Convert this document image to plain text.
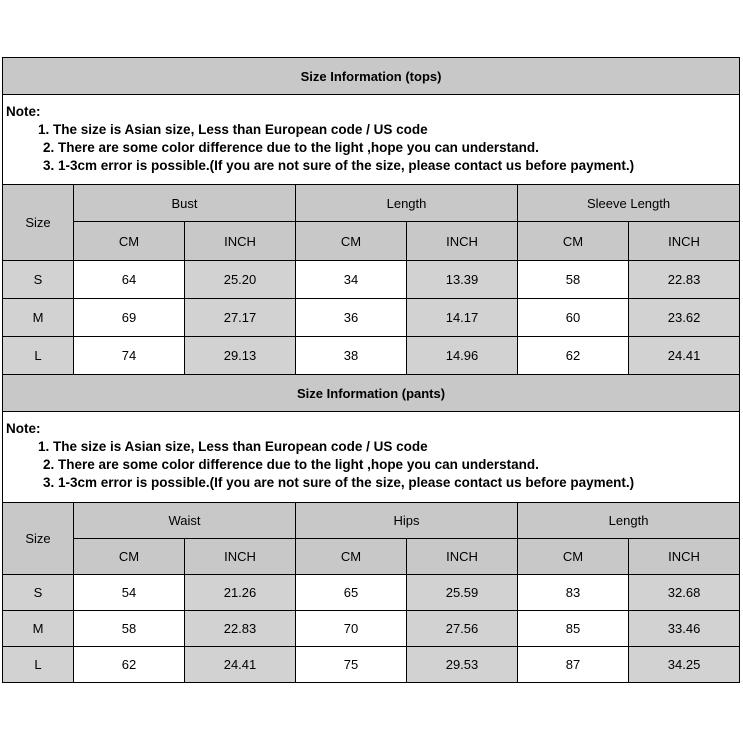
Size Information (tops)						

Note:
1. The size is Asian size, Less than European code / US code
2. There are some color difference due to the light ,hope you can understand.
3. 1-3cm error is possible.(If you are not sure of the size, please contact us before payment.)						

Size	Bust		Length		Sleeve Length	
	CM	INCH	CM	INCH	CM	INCH
S	64	25.20	34	13.39	58	22.83
M	69	27.17	36	14.17	60	23.62
L	74	29.13	38	14.96	62	24.41
Size Information (pants)						

Note:
1. The size is Asian size, Less than European code / US code
2. There are some color difference due to the light ,hope you can understand.
3. 1-3cm error is possible.(If you are not sure of the size, please contact us before payment.)						

Size	Waist		Hips		Length	
	CM	INCH	CM	INCH	CM	INCH
S	54	21.26	65	25.59	83	32.68
M	58	22.83	70	27.56	85	33.46
L	62	24.41	75	29.53	87	34.25
